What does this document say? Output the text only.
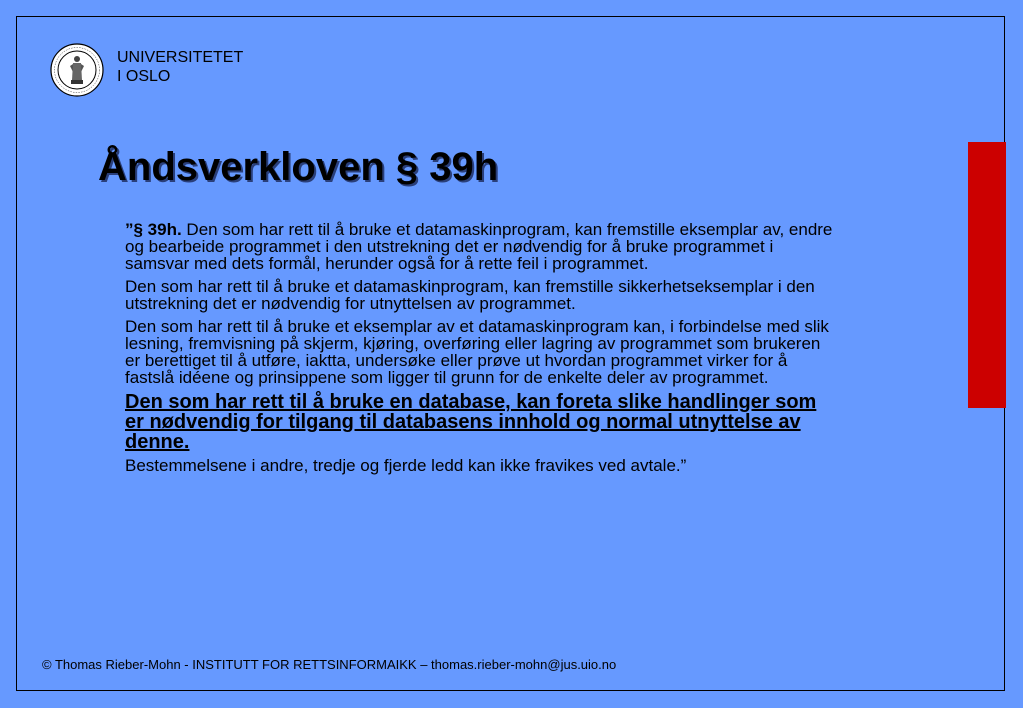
UNIVERSITETET
I OSLO
Åndsverkloven § 39h

”§ 39h. Den som har rett til å bruke et datamaskinprogram, kan fremstille eksemplar av, endre og bearbeide programmet i den utstrekning det er nødvendig for å bruke programmet i samsvar med dets formål, herunder også for å rette feil i programmet.

Den som har rett til å bruke et datamaskinprogram, kan fremstille sikkerhetseksemplar i den utstrekning det er nødvendig for utnyttelsen av programmet.

Den som har rett til å bruke et eksemplar av et datamaskinprogram kan, i forbindelse med slik lesning, fremvisning på skjerm, kjøring, overføring eller lagring av programmet som brukeren er berettiget til å utføre, iaktta, undersøke eller prøve ut hvordan programmet virker for å fastslå idéene og prinsippene som ligger til grunn for de enkelte deler av programmet.

Den som har rett til å bruke en database, kan foreta slike handlinger som er nødvendig for tilgang til databasens innhold og normal utnyttelse av denne.

Bestemmelsene i andre, tredje og fjerde ledd kan ikke fravikes ved avtale.”

© Thomas Rieber-Mohn - INSTITUTT FOR RETTSINFORMAIKK – thomas.rieber-mohn@jus.uio.no
